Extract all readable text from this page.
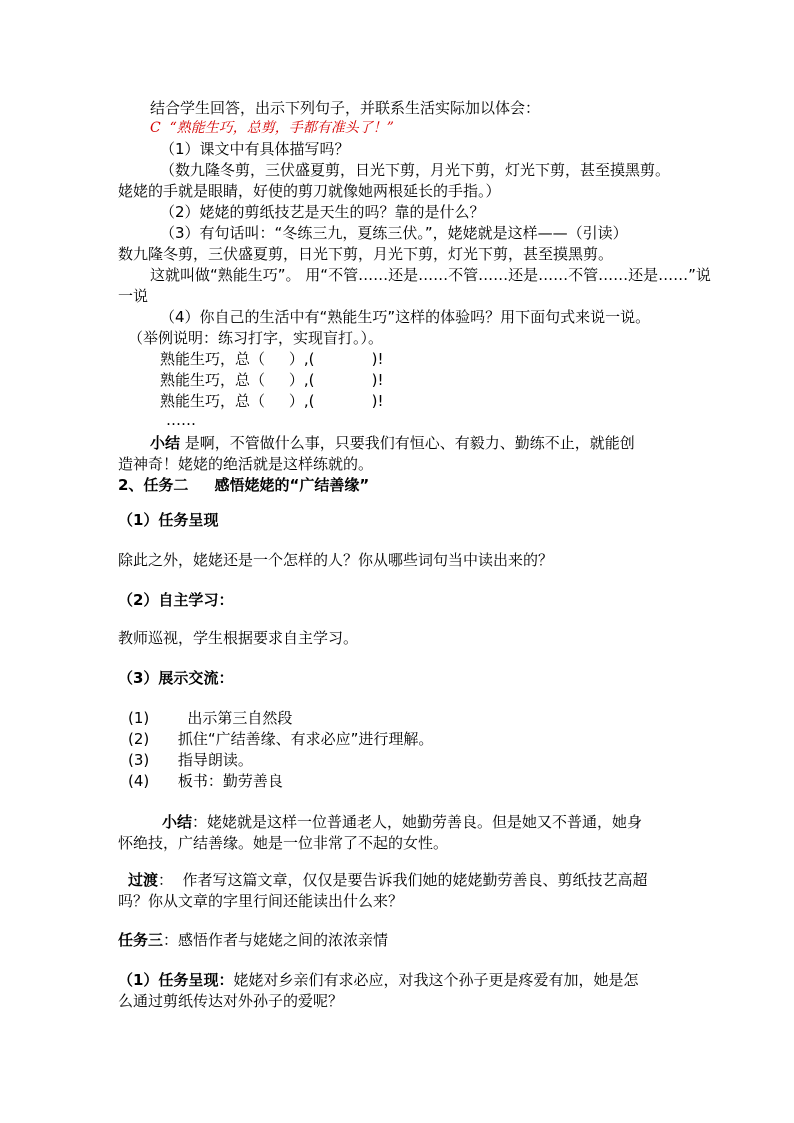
结合学生回答，出示下列句子，并联系生活实际加以体会：
C “熟能生巧，总剪，手都有准头了！”
（1）课文中有具体描写吗？
（数九隆冬剪，三伏盛夏剪，日光下剪，月光下剪，灯光下剪，甚至摸黑剪。
姥姥的手就是眼睛，好使的剪刀就像她两根延长的手指。）
（2）姥姥的剪纸技艺是天生的吗？靠的是什么？
（3）有句话叫：“冬练三九，夏练三伏。”，姥姥就是这样——（引读）
数九隆冬剪，三伏盛夏剪，日光下剪，月光下剪，灯光下剪，甚至摸黑剪。
这就叫做“熟能生巧”。 用“不管……还是……不管……还是……不管……还是……”说
一说
（4）你自己的生活中有“熟能生巧”这样的体验吗？用下面句式来说一说。
（举例说明：练习打字，实现盲打。）。
熟能生巧，总（     ）,(            )!
熟能生巧，总（     ）,(            )!
熟能生巧，总（     ）,(            )!
……
小结 是啊，不管做什么事，只要我们有恒心、有毅力、勤练不止，就能创
造神奇！姥姥的绝活就是这样练就的。
2、任务二     感悟姥姥的“广结善缘”
（1）任务呈现
除此之外，姥姥还是一个怎样的人？你从哪些词句当中读出来的？
（2）自主学习：
教师巡视，学生根据要求自主学习。
（3）展示交流：
(1)	出示第三自然段
(2) 抓住“广结善缘、有求必应”进行理解。
(3) 指导朗读。
(4) 板书：勤劳善良
小结：姥姥就是这样一位普通老人，她勤劳善良。但是她又不普通，她身
怀绝技，广结善缘。她是一位非常了不起的女性。
过渡：  作者写这篇文章，仅仅是要告诉我们她的姥姥勤劳善良、剪纸技艺高超
吗？你从文章的字里行间还能读出什么来？
任务三：感悟作者与姥姥之间的浓浓亲情
（1）任务呈现：姥姥对乡亲们有求必应，对我这个孙子更是疼爱有加，她是怎
么通过剪纸传达对外孙子的爱呢？
